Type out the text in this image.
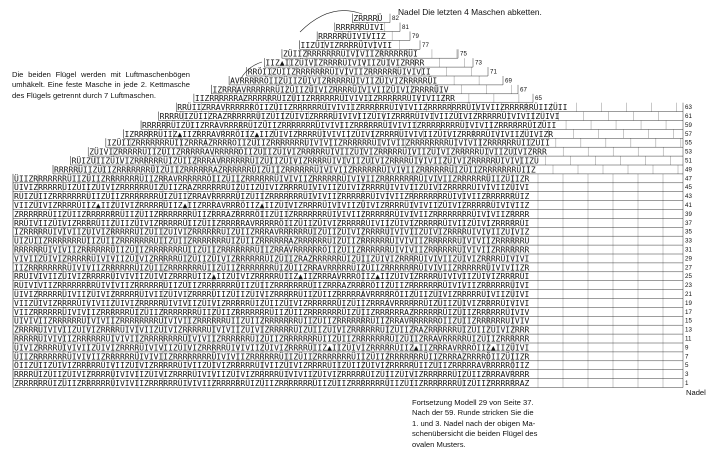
ZRRRRRRÜIZÜIIZRRRRRRÜIVIVIIZRRRRRRÜIVIVIIZRRRRRRÜIZÜIIZRRRRRRRÜIIZÜIIZRRRRRRRÜIIZÜIIZRRRRRRRÜIZÜIIZRRRRRRAZ	1
RRRRÜIZÜIIZÜIVIZRRRRÜIVIVIIZÜIVIZRRRRÜIVIVIIZÜIVIZRRRRRÜIVIVIIZÜIVIZRRRRRÜIZÜIIZÜIVIZRRRRRRÜIZÜIIZRRRAVRRRR	3
ÖIIZÜIIZÜIVIZRRRRRÜIVIIZÜIVIZRRRRRÜIVIIZÜIVIZRRRRRÜIVIIZÜIVIZRRRRÜIIZÜIIZÜIVIZRRRRRÜIIZÜIIZRRRRRAVRRRRRÖIIZ	5
ÜIIZRRRRRRRÜIVIVIIZRRRRRRÜIVIVIIZRRRRRRRRÜIVIVIIZRRRRRRÜIIZÜIIZRRRRRRRÜIIZÜIIZRRRRRRRÜIIZRRRAZRRRRÖIIZÜIIZR	7
ÜIVIZRRRRÜIVIVIIZÜIVIZRRRRÜIVIVIIZÜIVIZRRRRRÜIVIVIIZÜIVIZRRRRÜIIZ▲IIZÜIVIZRRRRRÜIIZ▲IIZRRRAVRRRÖIIZ▲IIZÜIVI	9
RRRRRÜIVIVIIZRRRRRRÜIVIVIIZRRRRRRRRÜIVIVIIZRRRRRRÜIZÜIIZRRRRRRRÜIIZÜIIZRRRRRRRÜIZÜIIZRRAVRRRRRÜIZÜIIZRRRRRR	11
ZRRRRÜIVIVIIZÜIVIZRRRRÜIVIVIIZÜIVIZRRRRRÜIVIVIIZÜIVIZRRRRRÜIZÜIIZÜIVIZRRRRRRÜIZÜIIZRAZRRRRRRÜIZÜIIZÜIVIZRRR	13
ÜIVIVIIZRRRRRRÜIVIVIIZRRRRRRRRÜIVIVIIZRRRRRRÜIIZÜIIZRRRRRRRÜIIZÜIIZRRRRRRRÜIIZRRAVRRRRRRÖIIZÜIIZRRRRRRÜIVIV	15
VIIZRRRRRRÜIVIVIIZRRRRRRÜIZÜIIZRRRRRRRÜIIZÜIIZRRRRRRRÜIIZÜIIZRRRRRRRÜIZÜIIZRRRRRRAZRRRRRRÜIZÜIIZRRRRRRÜIVIV	17
VIIZÜIVIZRRRRÜIVIVIIZÜIVIZRRRRRÜIVIVIIZÜIVIZRRRRRÜIZÜIIZÜIVIZRRRRRRÜIZÜIIZRRRAVRRRRRRÜIZÜIIZÜIVIZRRRRÜIVIVI	19
ÜIVIZRRRRRÜIVIIZÜIVIZRRRRRÜIVIIZÜIVIZRRRRÜIIZÜIIZÜIVIZRRRRRÜIIZÜIIZRRRRRAVRRRRRÖIIZÜIIZÜIVIZRRRRRÜIVIIZÜIVI	21
RÜIVIVIIZRRRRRRRRÜIVIVIIZRRRRRRÜIIZÜIIZRRRRRRRÜIIZÜIIZRRRRRRRÜIIZRRRAZRRRRÖIIZÜIIZRRRRRRRÜIVIVIIZRRRRRRÜIVI	23
RRÜIVIVIIZÜIVIZRRRRRÜIVIVIIZÜIVIZRRRRÜIIZ▲IIZÜIVIZRRRRRÜIIZ▲IIZRRRAVRRRÖIIZ▲IIZÜIVIZRRRRÜIVIVIIZÜIVIZRRRRÜI	25
IIZRRRRRRRRÜIVIVIIZRRRRRRÜIZÜIIZRRRRRRRÜIIZÜIIZRRRRRRRÜIZÜIIZRRAVRRRRRÜIZÜIIZRRRRRRRÜIVIVIIZRRRRRRÜIVIVIIZR	27
VIVIIZÜIVIZRRRRRÜIVIVIIZÜIVIZRRRRRÜIZÜIIZÜIVIZRRRRRRÜIZÜIIZRAZRRRRRRÜIZÜIIZÜIVIZRRRRÜIVIVIIZÜIVIZRRRRÜIVIVI	29
RRRRRRÜIVIVIIZRRRRRRÜIIZÜIIZRRRRRRRÜIIZÜIIZRRRRRRRÜIIZRRAVRRRRRRÖIIZÜIIZRRRRRRÜIVIVIIZRRRRRRÜIVIVIIZRRRRRRR	31
ÜIZÜIIZRRRRRRRÜIIZÜIIZRRRRRRRÜIIZÜIIZRRRRRRRÜIZÜIIZRRRRRRAZRRRRRRÜIZÜIIZRRRRRRÜIVIVIIZRRRRRRÜIVIVIIZRRRRRRÜ	33
IZRRRRRÜIVIVIIZÜIVIZRRRRRÜIZÜIIZÜIVIZRRRRRRÜIZÜIIZRRRAVRRRRRRÜIZÜIIZÜIVIZRRRRÜIVIVIIZÜIVIZRRRRÜIVIVIIZÜIVIZ	35
RRÜIVIIZÜIVIZRRRRÜIIZÜIIZÜIVIZRRRRRÜIIZÜIIZRRRRRAVRRRRRÖIIZÜIIZÜIVIZRRRRRÜIVIIZÜIVIZRRRRRÜIVIIZÜIVIZRRRRRÜI	37
ZRRRRRRÜIIZÜIIZRRRRRRRÜIIZÜIIZRRRRRRRÜIIZRRRAZRRRRÖIIZÜIIZRRRRRRRÜIVIVIIZRRRRRRÜIVIVIIZRRRRRRRRÜIVIVIIZRRRR	39
VIIZÜIVIZRRRRÜIIZ▲IIZÜIVIZRRRRRÜIIZ▲IIZRRRAVRRRÖIIZ▲IIZÜIVIZRRRRÜIVIVIIZÜIVIZRRRRÜIVIVIIZÜIVIZRRRRRÜIVIVIIZ	41
RÜIZÜIIZRRRRRRRÜIIZÜIIZRRRRRRRÜIZÜIIZRRAVRRRRRÜIZÜIIZRRRRRRRÜIVIVIIZRRRRRRÜIVIVIIZRRRRRRRRÜIVIVIIZRRRRRRÜIZ	43
ÜIVIZRRRRRÜIZÜIIZÜIVIZRRRRRRÜIZÜIIZRAZRRRRRRÜIZÜIIZÜIVIZRRRRÜIVIVIIZÜIVIZRRRRÜIVIVIIZÜIVIZRRRRRÜIVIVIIZÜIVI	45
ÜIIZRRRRRRRÜIIZÜIIZRRRRRRRÜIIZRRAVRRRRRRÖIIZÜIIZRRRRRRÜIVIVIIZRRRRRRÜIVIVIIZRRRRRRRRÜIVIVIIZRRRRRRÜIIZÜIIZR	47
RRRRRÜIIZÜIIZRRRRRRRÜIZÜIIZRRRRRRAZRRRRRRÜIZÜIIZRRRRRRÜIVIVIIZRRRRRRÜIVIVIIZRRRRRRÜIZÜIIZRRRRRRRÜIIZ	49
RÜIZÜIIZÜIVIZRRRRRRÜIZÜIIZRRRAVRRRRRRÜIZÜIIZÜIVIZRRRRÜIVIVIIZÜIVIZRRRRÜIVIVIIZÜIVIZRRRRRÜIVIVIIZÜ	51
ZÜIVIZRRRRRÜIIZÜIIZRRRRRAVRRRRRÖIIZÜIIZÜIVIZRRRRRÜIVIIZÜIVIZRRRRRÜIVIIZÜIVIZRRRRRÜIVIIZÜIVIZRRR	53
IZÜIIZRRRRRRRÜIIZRRRAZRRRRÖIIZÜIIZRRRRRRRÜIVIVIIZRRRRRRÜIVIVIIZRRRRRRRRÜIVIVIIZRRRRRRÜIIZÜII	55
IZRRRRRÜIIZ▲IIZRRRAVRRRÖIIZ▲IIZÜIVIZRRRRÜIVIVIIZÜIVIZRRRRÜIVIVIIZÜIVIZRRRRRÜIVIVIIZÜIVIZR	57
RRRRRRÜIZÜIIZRRAVRRRRRÜIZÜIIZRRRRRRRÜIVIVIIZRRRRRRÜIVIVIIZRRRRRRRRÜIVIVIIZRRRRRRÜIZÜII	59
RRRRÜIZÜIIZRAZRRRRRRÜIZÜIIZÜIVIZRRRRÜIVIVIIZÜIVIZRRRRÜIVIVIIZÜIVIZRRRRRÜIVIVIIZÜIVI	61
RRÜIIZRRAVRRRRRRÖIIZÜIIZRRRRRRÜIVIVIIZRRRRRRÜIVIVIIZRRRRRRRRÜIVIVIIZRRRRRRÜIIZÜII	63
IIZRRRRRRAZRRRRRRÜIZÜIIZRRRRRRÜIVIVIIZRRRRRRÜIVIVIIZRR	65
IZRRRAVRRRRRRÜIZÜIIZÜIVIZRRRRÜIVIVIIZÜIVIZRRRRÜIV	67
AVRRRRRÖIIZÜIIZÜIVIZRRRRRÜIVIIZÜIVIZRRRRRÜI	69
RRÖIIZÜIIZRRRRRRRÜIVIVIIZRRRRRRÜIVIVII	71
IIZ▲IIZÜIVIZRRRRÜIVIVIIZÜIVIZRRRR	73
ZÜIIZRRRRRRRÜIVIVIIZRRRRRRÜI	75
IIZÜIVIZRRRRÜIVIVII	77
RRRRRRÜIVIVIIZ	79
RRRRRRÜIVI	81
ZRRRRÜ 82
Nadel Die letzten 4 Maschen abketten.
Die beiden Flügel werden mit Luftmaschenbögen umhäkelt. Eine feste Masche in jede 2. Kettmasche des Flügels getrennt durch 7 Luftmaschen.
Fortsetzung Modell 29 von Seite 37.
Nach der 59. Runde stricken Sie die
1. und 3. Nadel nach der obigen Ma-
schenübersicht die beiden Flügel des
ovalen Musters.
Nadel
